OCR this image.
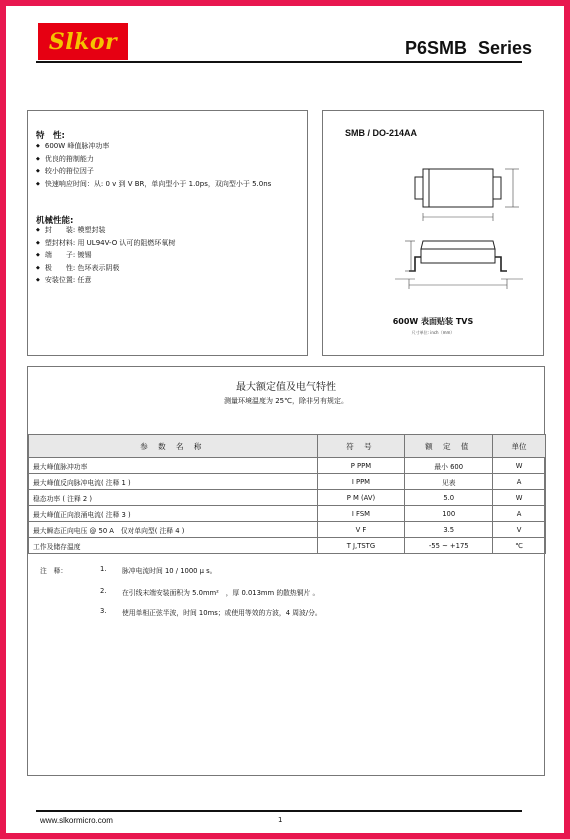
Slkor	P6SMB Series
特　性:
◆ 600W 峰值脉冲功率
◆ 优良的箝制能力
◆ 较小的箝位因子
◆ 快速响应时间：从: 0 v 到 V BR，单向型小于 1.0ps，双向型小于 5.0ns
机械性能:
◆ 封　　装: 模塑封装
◆ 塑封材料: 用 UL94V-O 认可的阻燃环氧树
◆ 端　　子: 镀锡
◆ 极　　性: 色环表示阴极
◆ 安装位置: 任意
SMB / DO-214AA
600W 表面贴装 TVS
尺寸单位: inch（mm）
最大额定值及电气特性
测量环境温度为 25℃，除非另有规定。
参 数 名 称	符 号	额 定 值	单位
最大峰值脉冲功率	P PPM	最小 600	W
最大峰值反向脉冲电流( 注释 1 )	I PPM	见表	A
稳态功率 ( 注释 2 )	P M (AV)	5.0	W
最大峰值正向浪涌电流( 注释 3 )	I FSM	100	A
最大瞬态正向电压 @ 50 A　仅对单向型( 注释 4 )	V F	3.5	V
工作及储存温度	T J,TSTG	-55 ~ +175	℃
注　释：	1. 脉冲电流时间 10 / 1000 μ s。
2. 在引线末端安装面积为 5.0mm²　，厚 0.013mm 的散热铜片 。
3. 使用单相正弦半波，时间 10ms；或使用等效的方波，4 周波/分。
www.slkormicro.com	1
